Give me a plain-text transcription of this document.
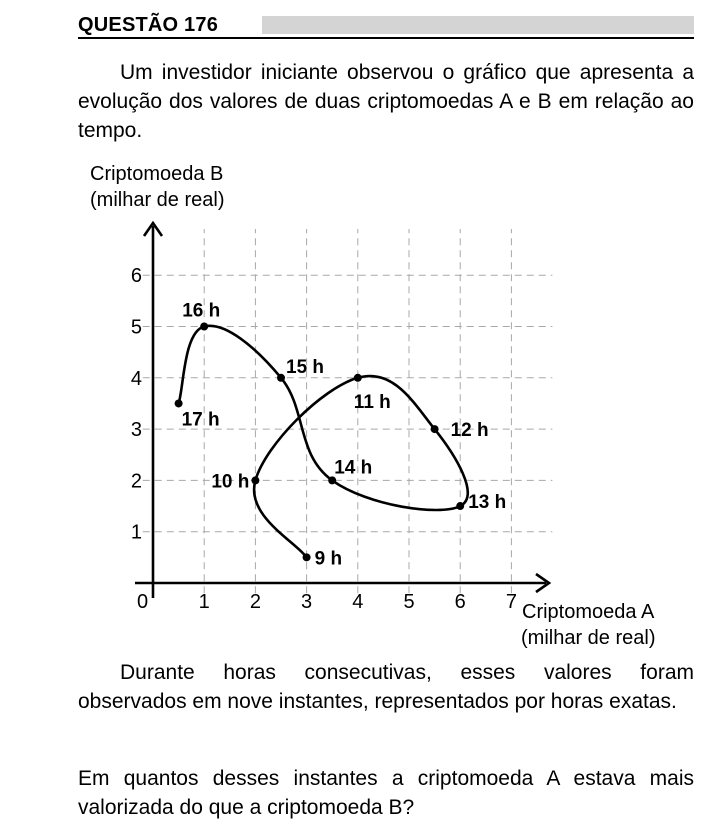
QUESTÃO 176

Um investidor iniciante observou o gráfico que apresenta a evolução dos valores de duas criptomoedas A e B em relação ao tempo.

Criptomoeda B
(milhar de real)
1 2 3 4 5 6 7
1
2
3
4
5
6
0
9 h
10 h
11 h
12 h
13 h
14 h
15 h
16 h
17 h
Criptomoeda A
(milhar de real)

Durante horas consecutivas, esses valores foram observados em nove instantes, representados por horas exatas.

Em quantos desses instantes a criptomoeda A estava mais valorizada do que a criptomoeda B?
